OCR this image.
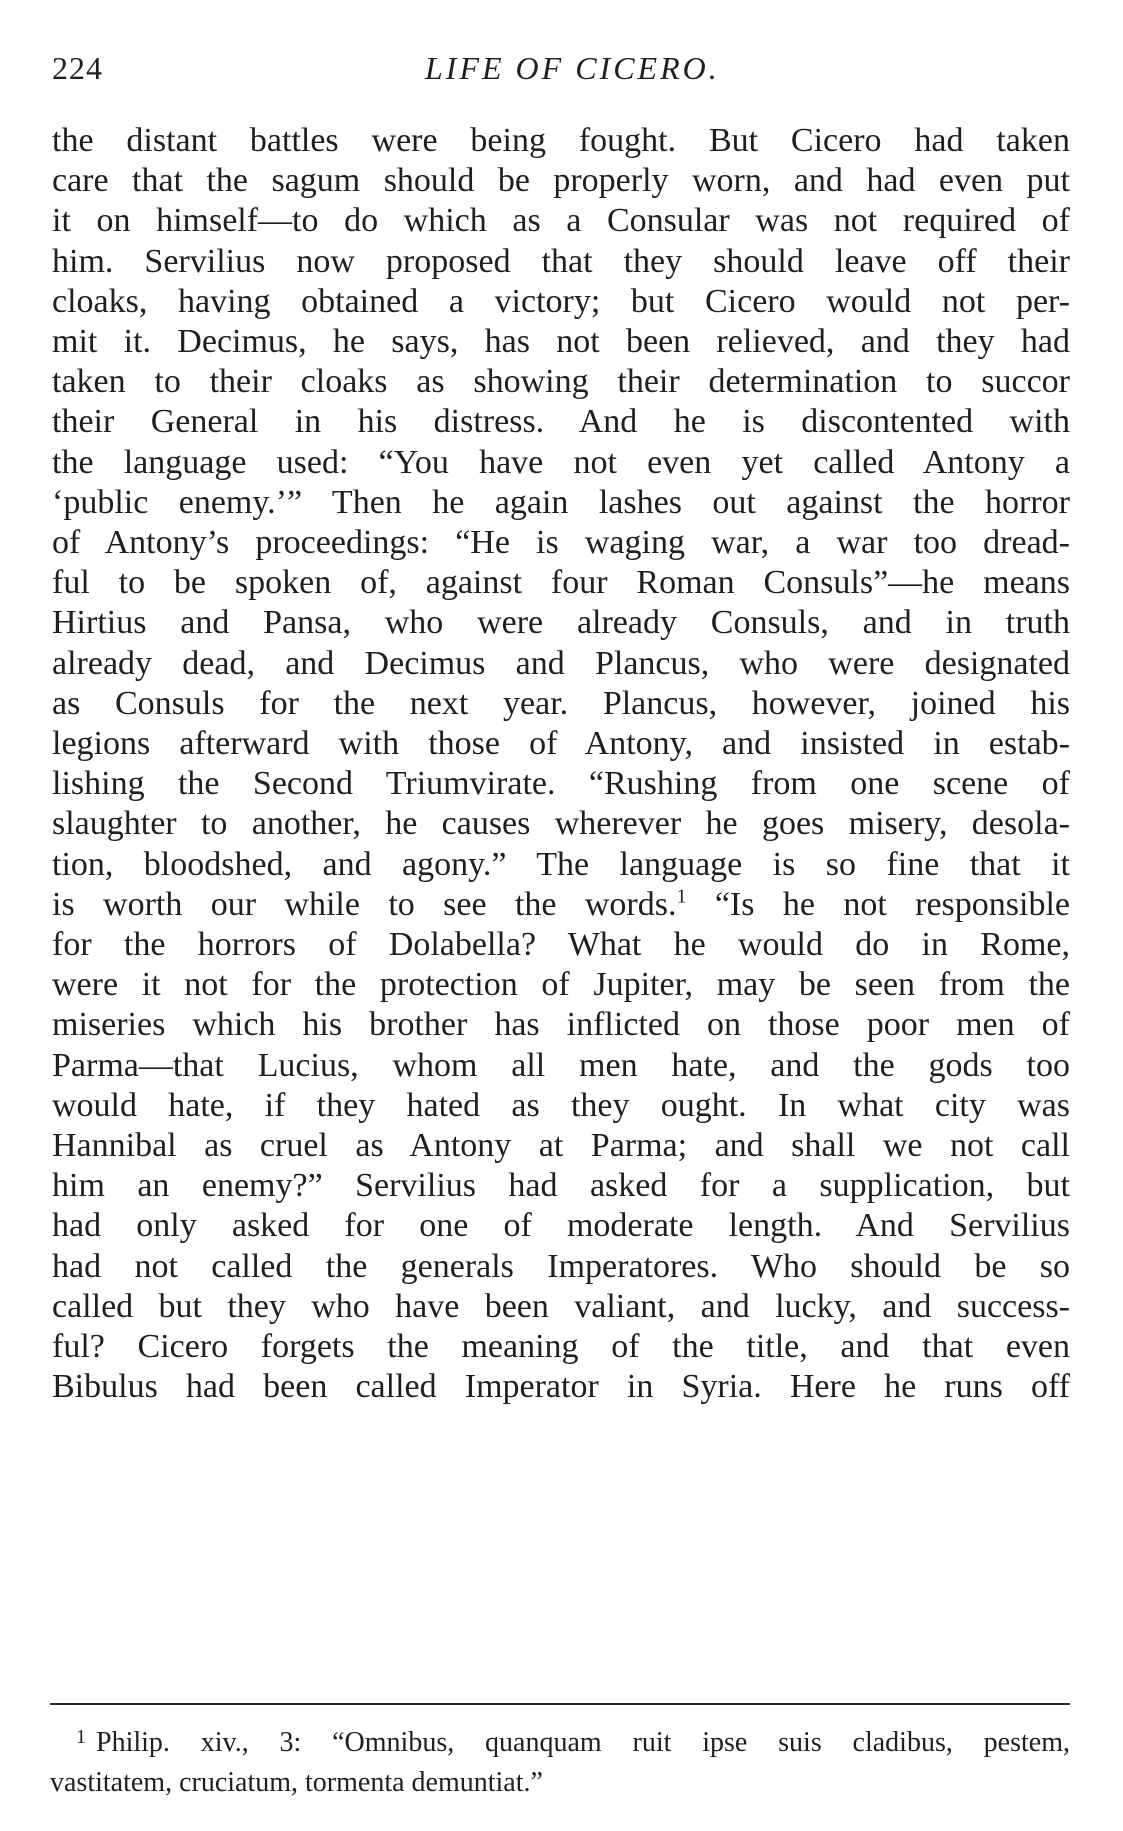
224	LIFE OF CICERO.
the distant battles were being fought. But Cicero had taken
care that the sagum should be properly worn, and had even put
it on himself—to do which as a Consular was not required of
him. Servilius now proposed that they should leave off their
cloaks, having obtained a victory; but Cicero would not per-
mit it. Decimus, he says, has not been relieved, and they had
taken to their cloaks as showing their determination to succor
their General in his distress. And he is discontented with
the language used: “You have not even yet called Antony a
‘public enemy.’” Then he again lashes out against the horror
of Antony’s proceedings: “He is waging war, a war too dread-
ful to be spoken of, against four Roman Consuls”—he means
Hirtius and Pansa, who were already Consuls, and in truth
already dead, and Decimus and Plancus, who were designated
as Consuls for the next year. Plancus, however, joined his
legions afterward with those of Antony, and insisted in estab-
lishing the Second Triumvirate. “Rushing from one scene of
slaughter to another, he causes wherever he goes misery, desola-
tion, bloodshed, and agony.” The language is so fine that it
is worth our while to see the words.$^1$ “Is he not responsible
for the horrors of Dolabella? What he would do in Rome,
were it not for the protection of Jupiter, may be seen from the
miseries which his brother has inflicted on those poor men of
Parma—that Lucius, whom all men hate, and the gods too
would hate, if they hated as they ought. In what city was
Hannibal as cruel as Antony at Parma; and shall we not call
him an enemy?” Servilius had asked for a supplication, but
had only asked for one of moderate length. And Servilius
had not called the generals Imperatores. Who should be so
called but they who have been valiant, and lucky, and success-
ful? Cicero forgets the meaning of the title, and that even
Bibulus had been called Imperator in Syria. Here he runs off
$^1$ Philip. xiv., 3: “Omnibus, quanquam ruit ipse suis cladibus, pestem,
vastitatem, cruciatum, tormenta demuntiat.”
